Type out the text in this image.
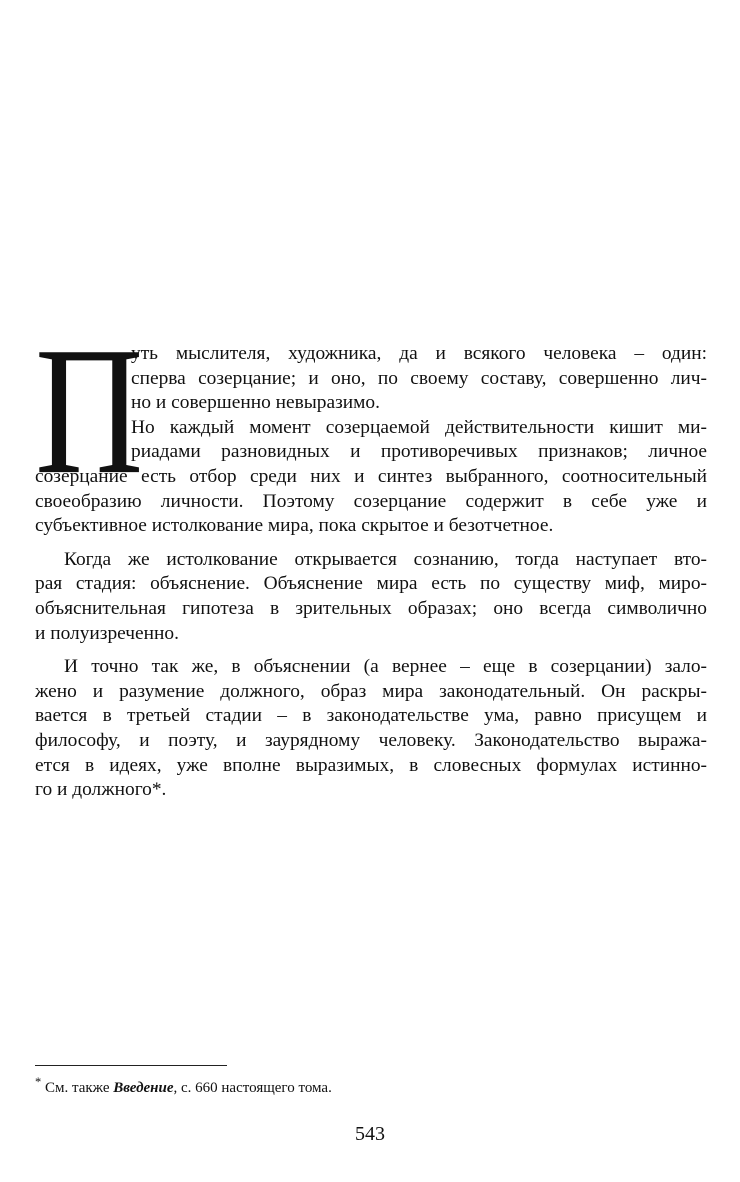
П
уть мыслителя, художника, да и всякого человека – один:
сперва созерцание; и оно, по своему составу, совершенно лич-
но и совершенно невыразимо.
Но каждый момент созерцаемой действительности кишит ми-
риадами разновидных и противоречивых признаков; личное
созерцание есть отбор среди них и синтез выбранного, соотносительный
своеобразию личности. Поэтому созерцание содержит в себе уже и
субъективное истолкование мира, пока скрытое и безотчетное.
Когда же истолкование открывается сознанию, тогда наступает вто-
рая стадия: объяснение. Объяснение мира есть по существу миф, миро-
объяснительная гипотеза в зрительных образах; оно всегда символично
и полуизреченно.
И точно так же, в объяснении (а вернее – еще в созерцании) зало-
жено и разумение должного, образ мира законодательный. Он раскры-
вается в третьей стадии – в законодательстве ума, равно присущем и
философу, и поэту, и заурядному человеку. Законодательство выража-
ется в идеях, уже вполне выразимых, в словесных формулах истинно-
го и должного*.
* См. также Введение, с. 660 настоящего тома.
543
